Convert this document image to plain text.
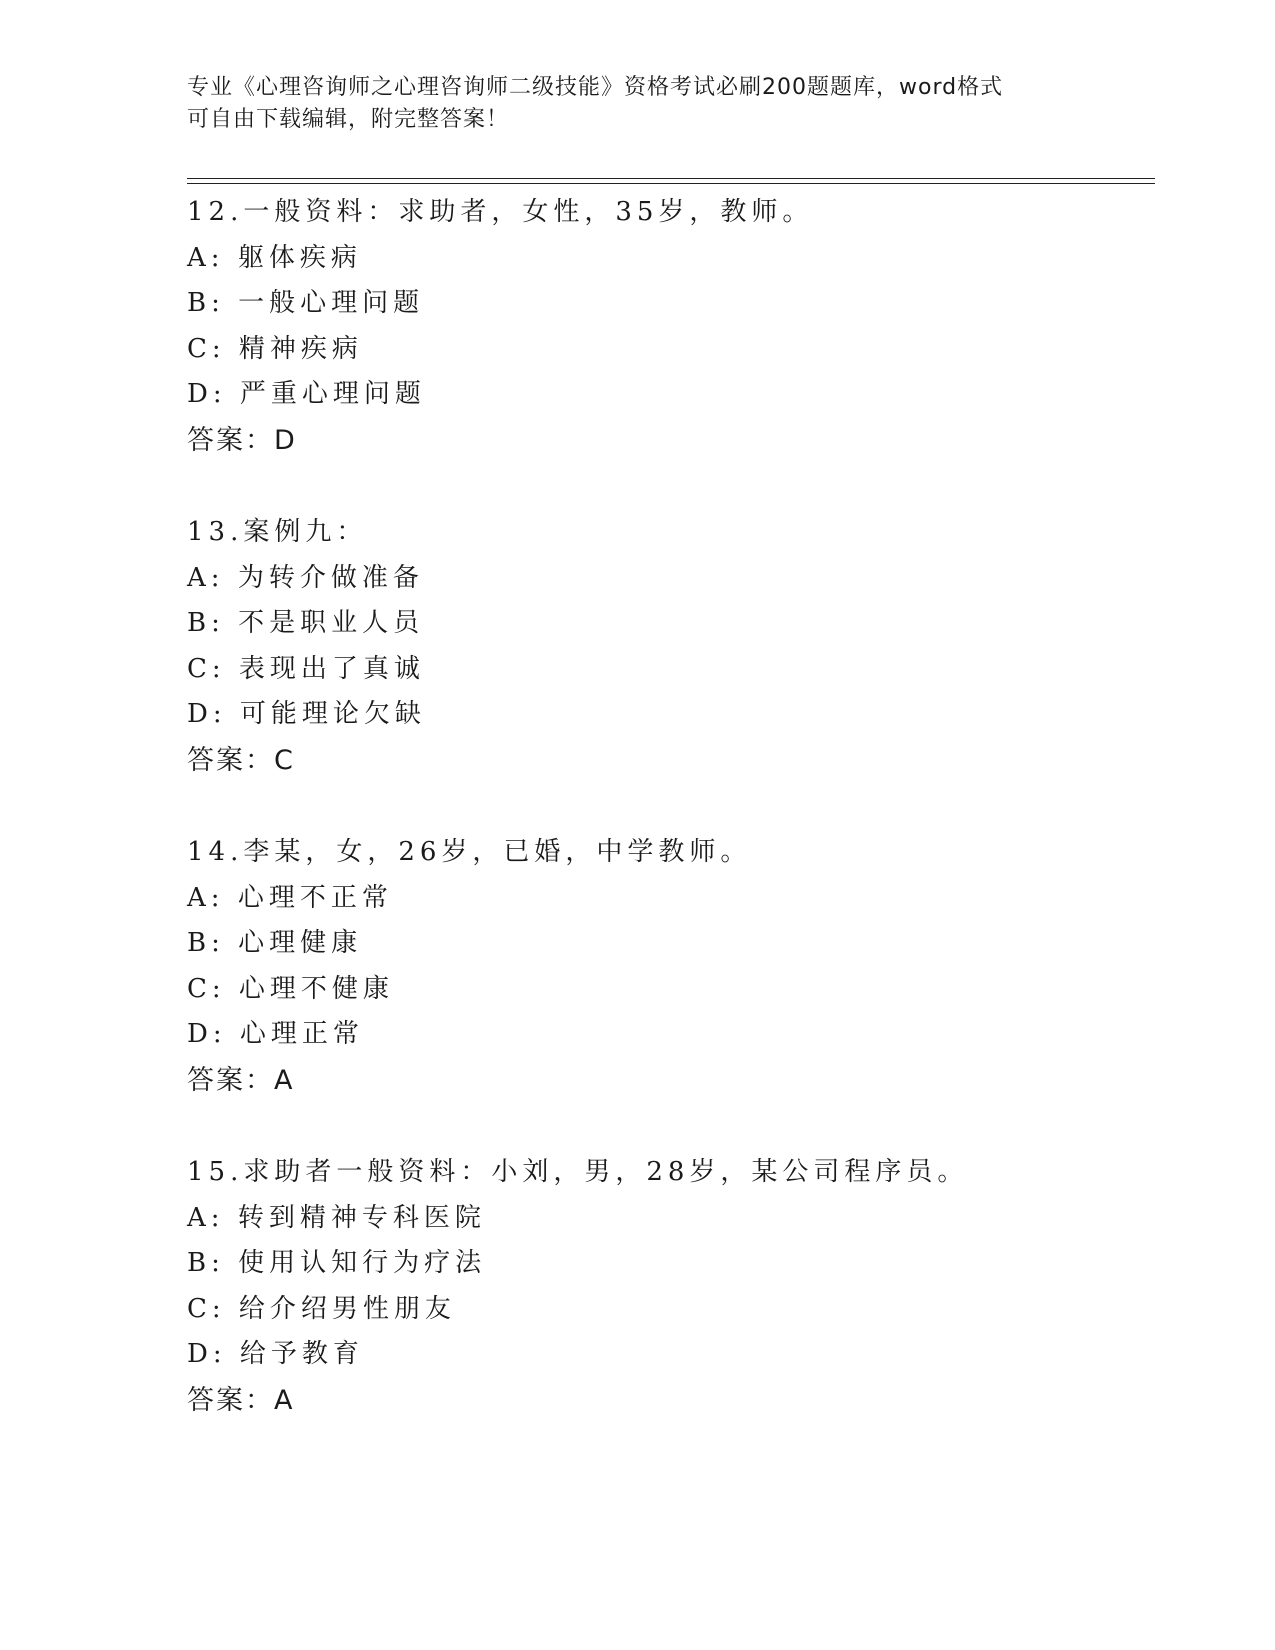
专业《心理咨询师之心理咨询师二级技能》资格考试必刷200题题库，word格式
可自由下载编辑，附完整答案！
12.一般资料：求助者，女性，35岁，教师。
A: 躯体疾病
B: 一般心理问题
C: 精神疾病
D: 严重心理问题
答案：D
13.案例九：
A: 为转介做准备
B: 不是职业人员
C: 表现出了真诚
D: 可能理论欠缺
答案：C
14.李某，女，26岁，已婚，中学教师。
A: 心理不正常
B: 心理健康
C: 心理不健康
D: 心理正常
答案：A
15.求助者一般资料：小刘，男，28岁，某公司程序员。
A: 转到精神专科医院
B: 使用认知行为疗法
C: 给介绍男性朋友
D: 给予教育
答案：A
